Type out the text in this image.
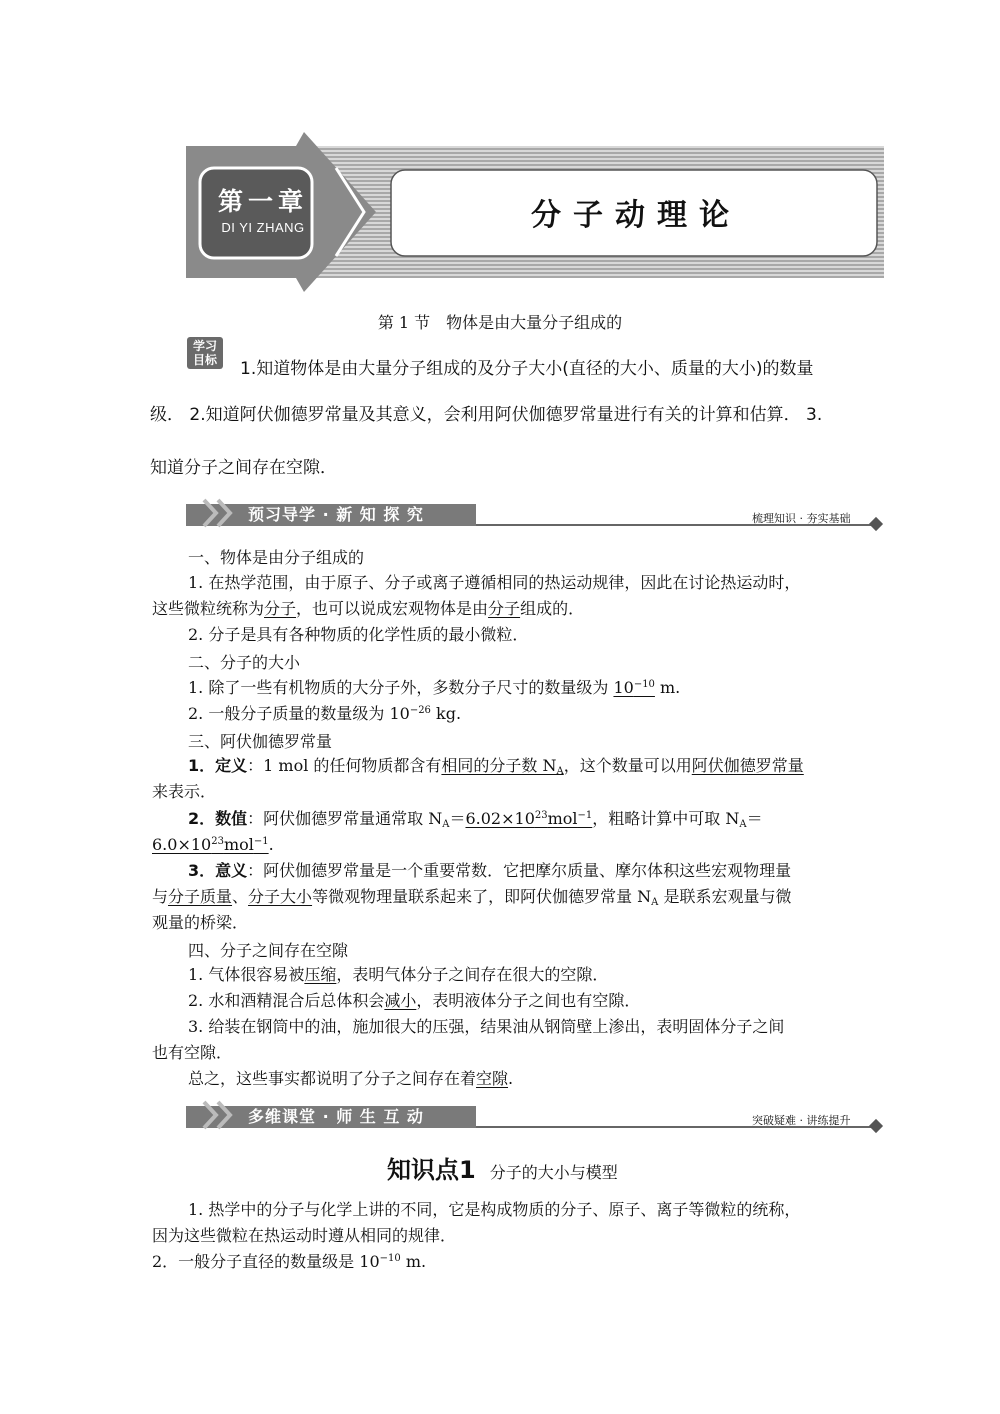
第一章
DI YI ZHANG	分子动理论
第 1 节　物体是由大量分子组成的
学习
目标	1.知道物体是由大量分子组成的及分子大小(直径的大小、质量的大小)的数量
级． 2.知道阿伏伽德罗常量及其意义，会利用阿伏伽德罗常量进行有关的计算和估算． 3.
知道分子之间存在空隙．
预习导学 · 新 知 探 究	梳理知识 · 夯实基础
一、物体是由分子组成的
1. 在热学范围，由于原子、分子或离子遵循相同的热运动规律，因此在讨论热运动时，
这些微粒统称为分子，也可以说成宏观物体是由分子组成的．
2. 分子是具有各种物质的化学性质的最小微粒．
二、分子的大小
1. 除了一些有机物质的大分子外，多数分子尺寸的数量级为 $10^{-10}$ m.
2. 一般分子质量的数量级为 $10^{-26}$ kg.
三、阿伏伽德罗常量
1．定义：1 mol 的任何物质都含有相同的分子数 $N_A$，这个数量可以用阿伏伽德罗常量
来表示．
2．数值：阿伏伽德罗常量通常取 $N_A=6.02\times 10^{23}mol^{-1}$，粗略计算中可取 $N_A=$
$6.0\times 10^{23}mol^{-1}$.
3．意义：阿伏伽德罗常量是一个重要常数．它把摩尔质量、摩尔体积这些宏观物理量
与分子质量、分子大小等微观物理量联系起来了，即阿伏伽德罗常量 $N_A$ 是联系宏观量与微
观量的桥梁．
四、分子之间存在空隙
1. 气体很容易被压缩，表明气体分子之间存在很大的空隙．
2. 水和酒精混合后总体积会减小，表明液体分子之间也有空隙．
3. 给装在钢筒中的油，施加很大的压强，结果油从钢筒壁上渗出，表明固体分子之间
也有空隙．
总之，这些事实都说明了分子之间存在着空隙.
多维课堂 · 师 生 互 动	突破疑难 · 讲练提升
知识点1 分子的大小与模型
1. 热学中的分子与化学上讲的不同，它是构成物质的分子、原子、离子等微粒的统称，
因为这些微粒在热运动时遵从相同的规律．
2．一般分子直径的数量级是 $10^{-10}$ m.
